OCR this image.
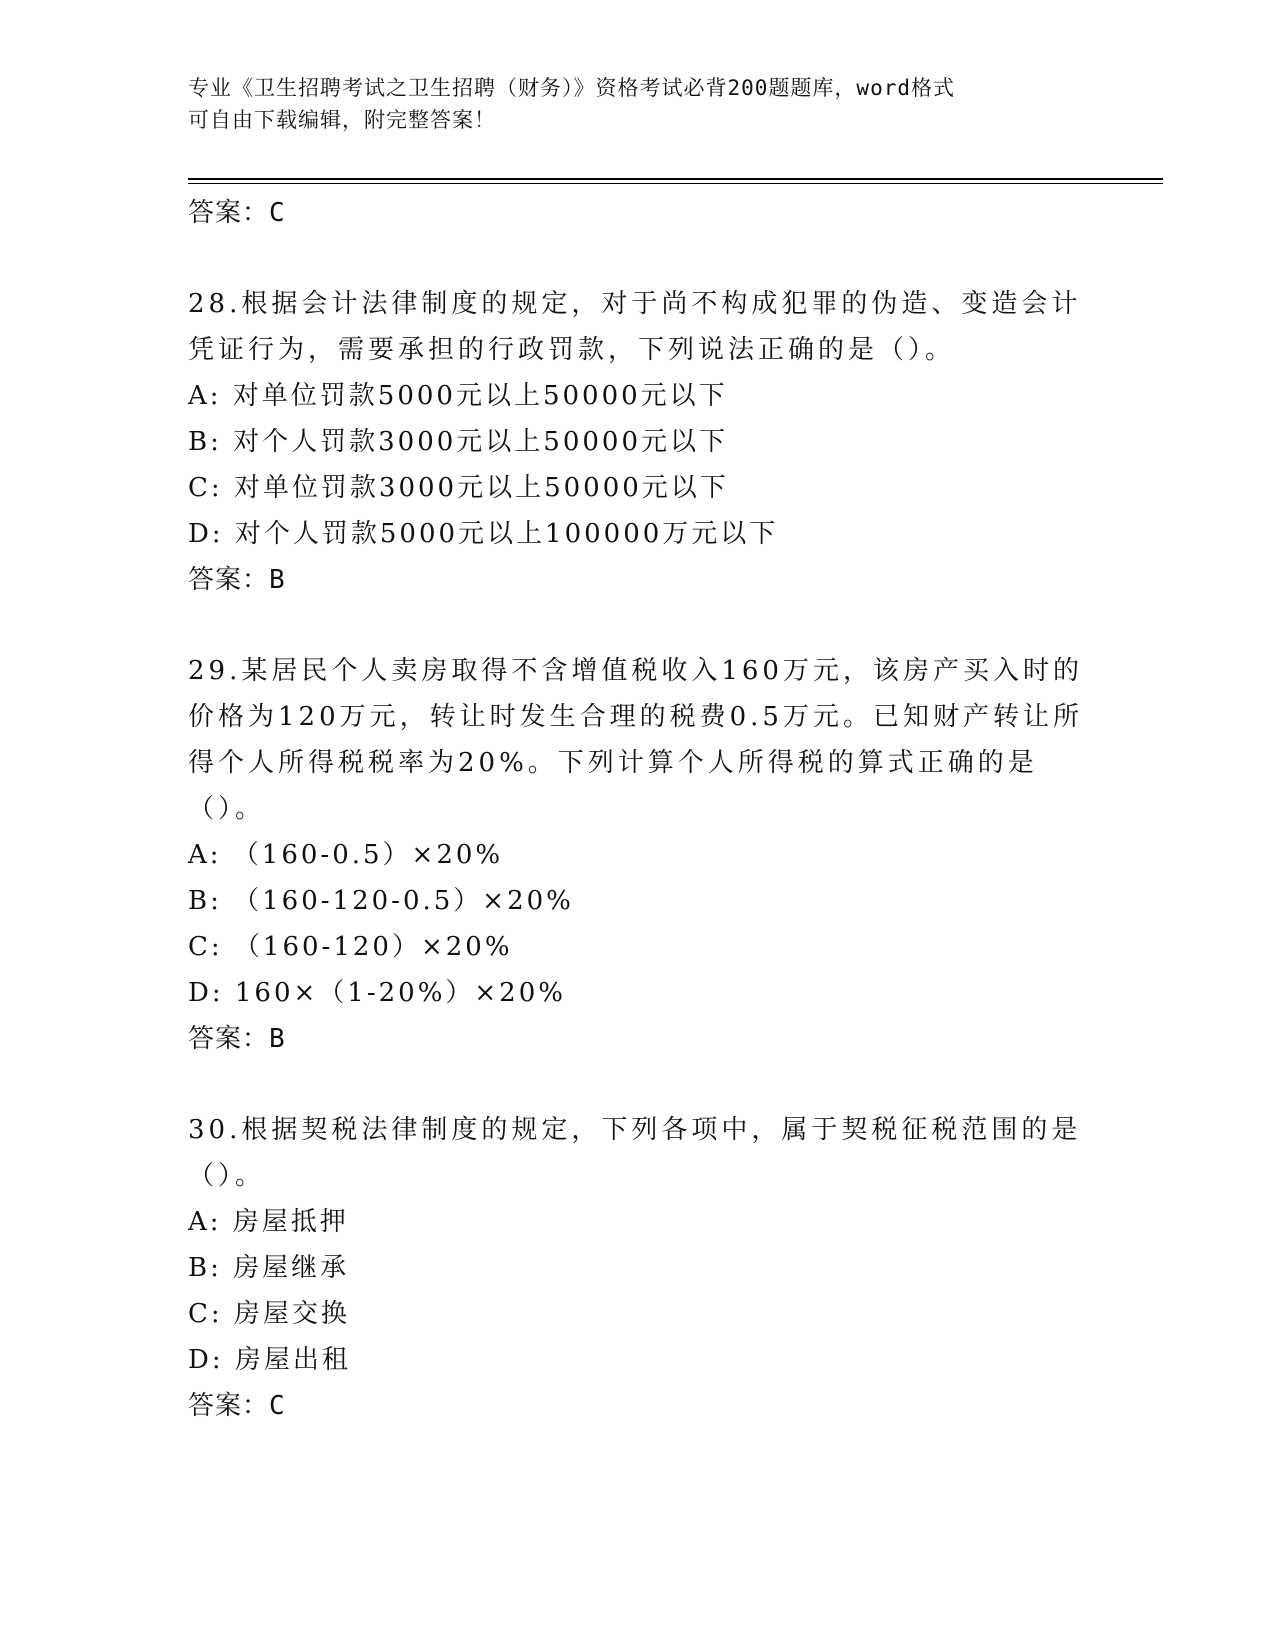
专业《卫生招聘考试之卫生招聘（财务）》资格考试必背200题题库，word格式
可自由下载编辑，附完整答案！
答案：C
28.根据会计法律制度的规定，对于尚不构成犯罪的伪造、变造会计凭证行为，需要承担的行政罚款，下列说法正确的是（）。
A: 对单位罚款5000元以上50000元以下
B: 对个人罚款3000元以上50000元以下
C: 对单位罚款3000元以上50000元以下
D: 对个人罚款5000元以上100000万元以下
答案：B
29.某居民个人卖房取得不含增值税收入160万元，该房产买入时的价格为120万元，转让时发生合理的税费0.5万元。已知财产转让所得个人所得税税率为20%。下列计算个人所得税的算式正确的是（）。
A: （160-0.5）×20%
B: （160-120-0.5）×20%
C: （160-120）×20%
D: 160×（1-20%）×20%
答案：B
30.根据契税法律制度的规定，下列各项中，属于契税征税范围的是（）。
A: 房屋抵押
B: 房屋继承
C: 房屋交换
D: 房屋出租
答案：C
